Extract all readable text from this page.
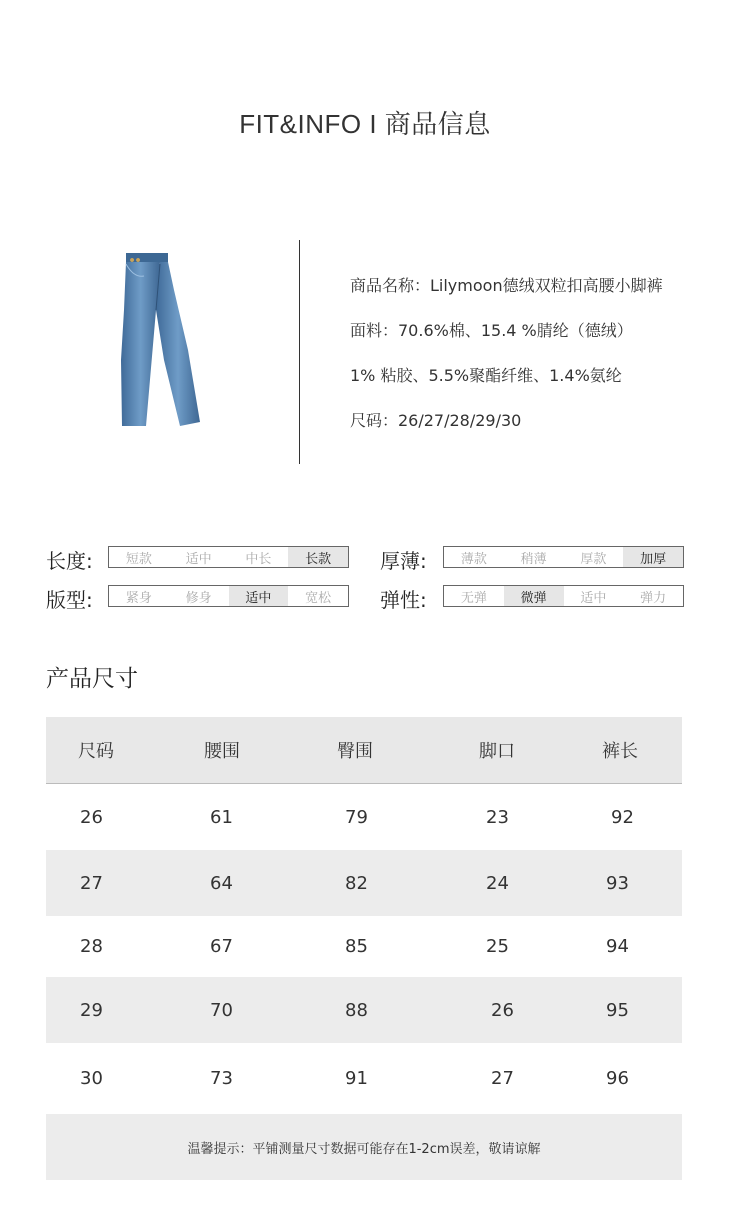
FIT&INFO I 商品信息
商品名称：Lilymoon德绒双粒扣高腰小脚裤
面料：70.6%棉、15.4 %腈纶（德绒）
1% 粘胶、5.5%聚酯纤维、1.4%氨纶
尺码：26/27/28/29/30
长度:	短款	适中	中长	长款	厚薄:	薄款	稍薄	厚款	加厚
版型:	紧身	修身	适中	宽松	弹性:	无弹	微弹	适中	弹力
产品尺寸
尺码	腰围	臀围	脚口	裤长
26	61	79	23	92
27	64	82	24	93
28	67	85	25	94
29	70	88	26	95
30	73	91	27	96
温馨提示：平铺测量尺寸数据可能存在1-2cm误差，敬请谅解
